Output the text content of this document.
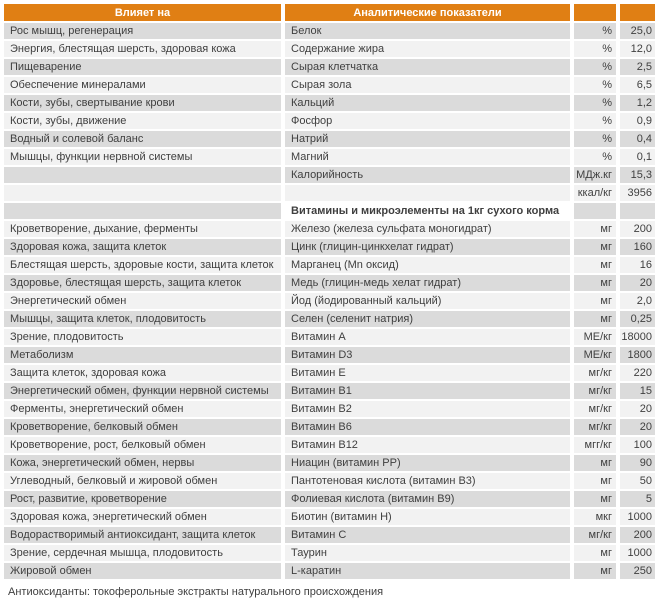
Влияет на	Аналитические показатели		
Рос мышц, регенерация	Белок	%	25,0
Энергия, блестящая шерсть, здоровая кожа	Содержание жира	%	12,0
Пищеварение	Сырая клетчатка	%	2,5
Обеспечение минералами	Сырая зола	%	6,5
Кости, зубы, свертывание крови	Кальций	%	1,2
Кости, зубы, движение	Фосфор	%	0,9
Водный и солевой баланс	Натрий	%	0,4
Мышцы, функции нервной системы	Магний	%	0,1
	Калорийность	МДж.кг	15,3
		ккал/кг	3956
	Витамины и микроэлементы на 1кг сухого корма		
Кроветворение, дыхание, ферменты	Железо (железа сульфата моногидрат)	мг	200
Здоровая кожа, защита клеток	Цинк (глицин-цинкхелат гидрат)	мг	160
Блестящая шерсть, здоровые кости, защита клеток	Марганец (Mn оксид)	мг	16
Здоровье, блестящая шерсть, защита клеток	Медь (глицин-медь хелат гидрат)	мг	20
Энергетический обмен	Йод (йодированный кальций)	мг	2,0
Мышцы, защита клеток, плодовитость	Селен (селенит натрия)	мг	0,25
Зрение, плодовитость	Витамин А	МЕ/кг	18000
Метаболизм	Витамин D3	МЕ/кг	1800
Защита клеток, здоровая кожа	Витамин Е	мг/кг	220
Энергетический обмен, функции нервной системы	Витамин В1	мг/кг	15
Ферменты, энергетический обмен	Витамин В2	мг/кг	20
Кроветворение, белковый обмен	Витамин В6	мг/кг	20
Кроветворение, рост, белковый обмен	Витамин В12	мгг/кг	100
Кожа, энергетический обмен, нервы	Ниацин (витамин РР)	мг	90
Углеводный, белковый и жировой обмен	Пантотеновая кислота (витамин В3)	мг	50
Рост, развитие, кроветворение	Фолиевая кислота (витамин В9)	мг	5
Здоровая кожа, энергетический обмен	Биотин (витамин Н)	мкг	1000
Водорастворимый антиоксидант, защита клеток	Витамин С	мг/кг	200
Зрение, сердечная мышца, плодовитость	Таурин	мг	1000
Жировой обмен	L-каратин	мг	250
Антиоксиданты: токоферольные экстракты натурального происхождения			
